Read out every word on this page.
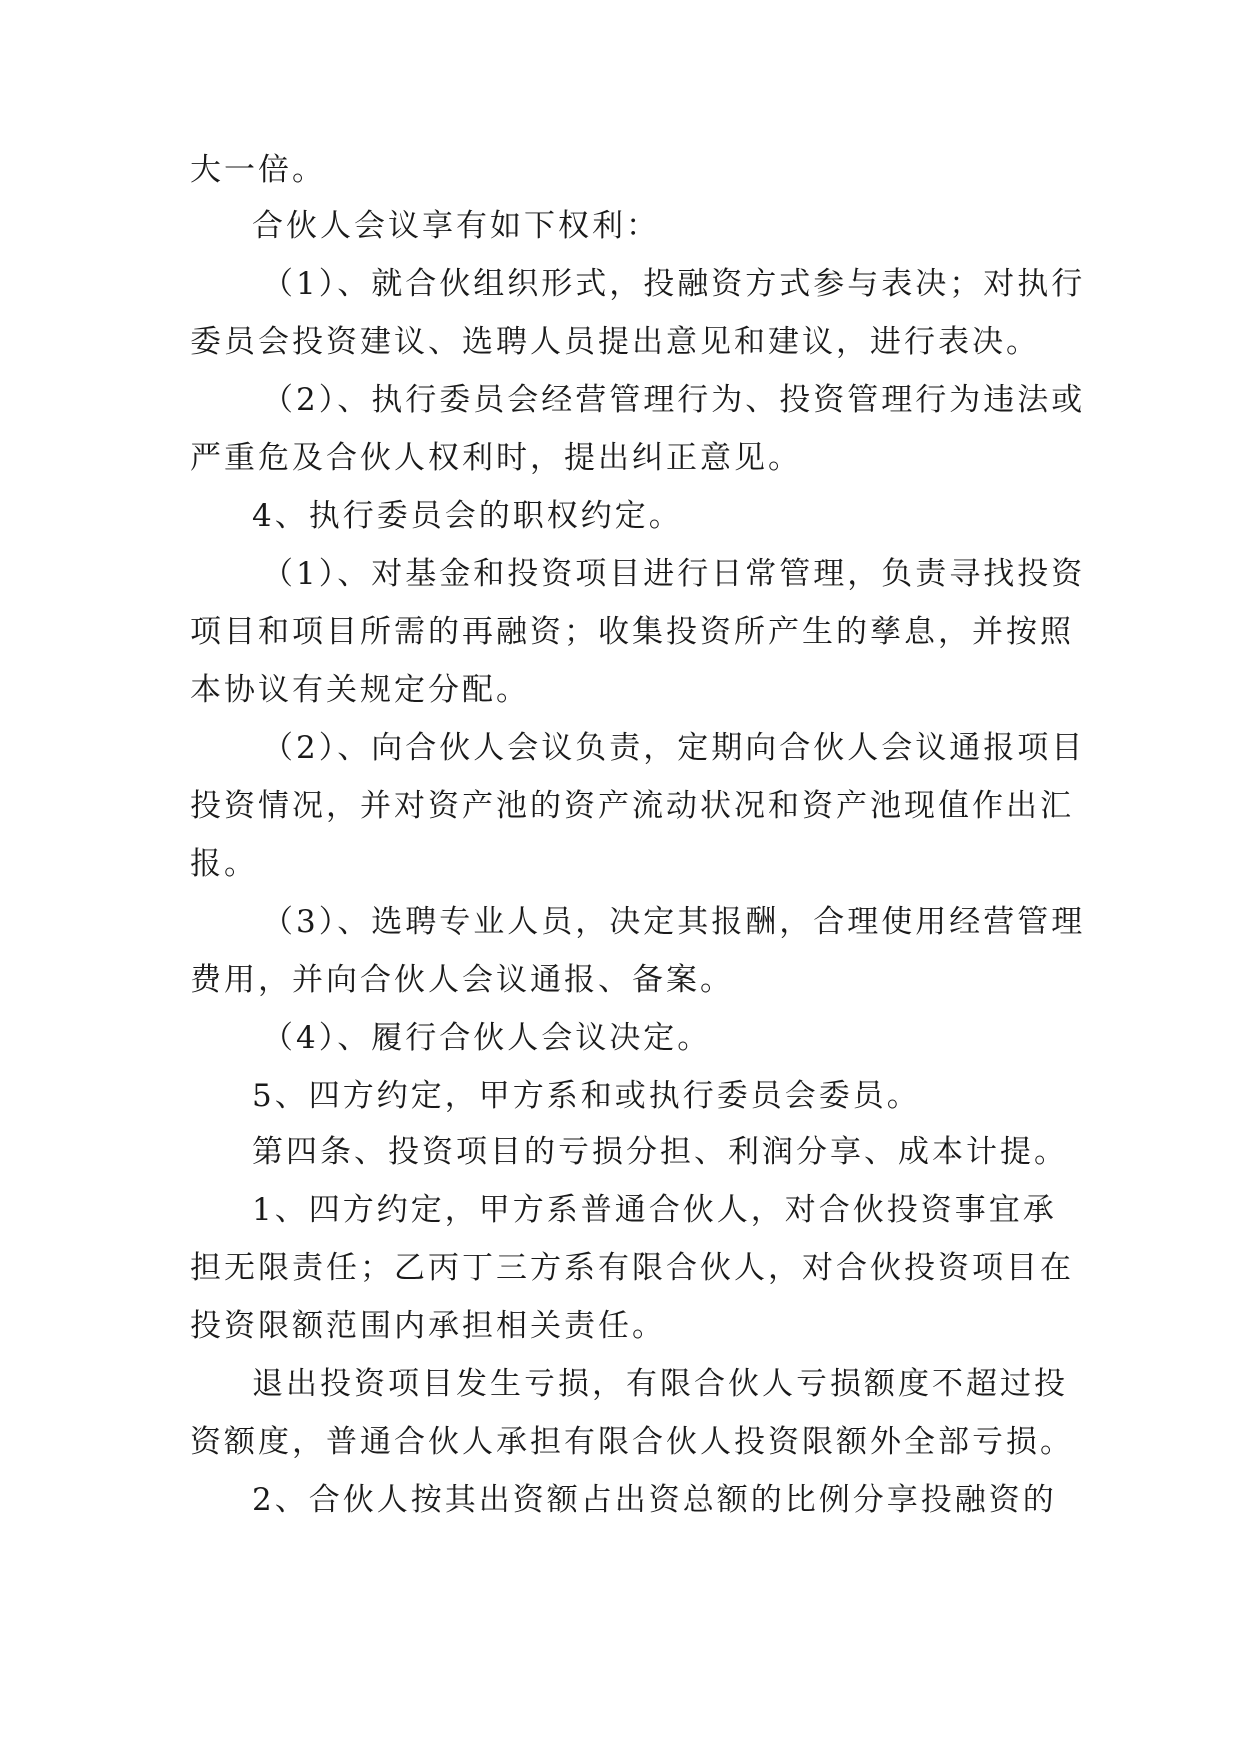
大一倍。
合伙人会议享有如下权利：
（1）、就合伙组织形式，投融资方式参与表决；对执行
委员会投资建议、选聘人员提出意见和建议，进行表决。
（2）、执行委员会经营管理行为、投资管理行为违法或
严重危及合伙人权利时，提出纠正意见。
4、执行委员会的职权约定。
（1）、对基金和投资项目进行日常管理，负责寻找投资
项目和项目所需的再融资；收集投资所产生的孳息，并按照
本协议有关规定分配。
（2）、向合伙人会议负责，定期向合伙人会议通报项目
投资情况，并对资产池的资产流动状况和资产池现值作出汇
报。
（3）、选聘专业人员，决定其报酬，合理使用经营管理
费用，并向合伙人会议通报、备案。
（4）、履行合伙人会议决定。
5、四方约定，甲方系和或执行委员会委员。
第四条、投资项目的亏损分担、利润分享、成本计提。
1、四方约定，甲方系普通合伙人，对合伙投资事宜承
担无限责任；乙丙丁三方系有限合伙人，对合伙投资项目在
投资限额范围内承担相关责任。
退出投资项目发生亏损，有限合伙人亏损额度不超过投
资额度，普通合伙人承担有限合伙人投资限额外全部亏损。
2、合伙人按其出资额占出资总额的比例分享投融资的
